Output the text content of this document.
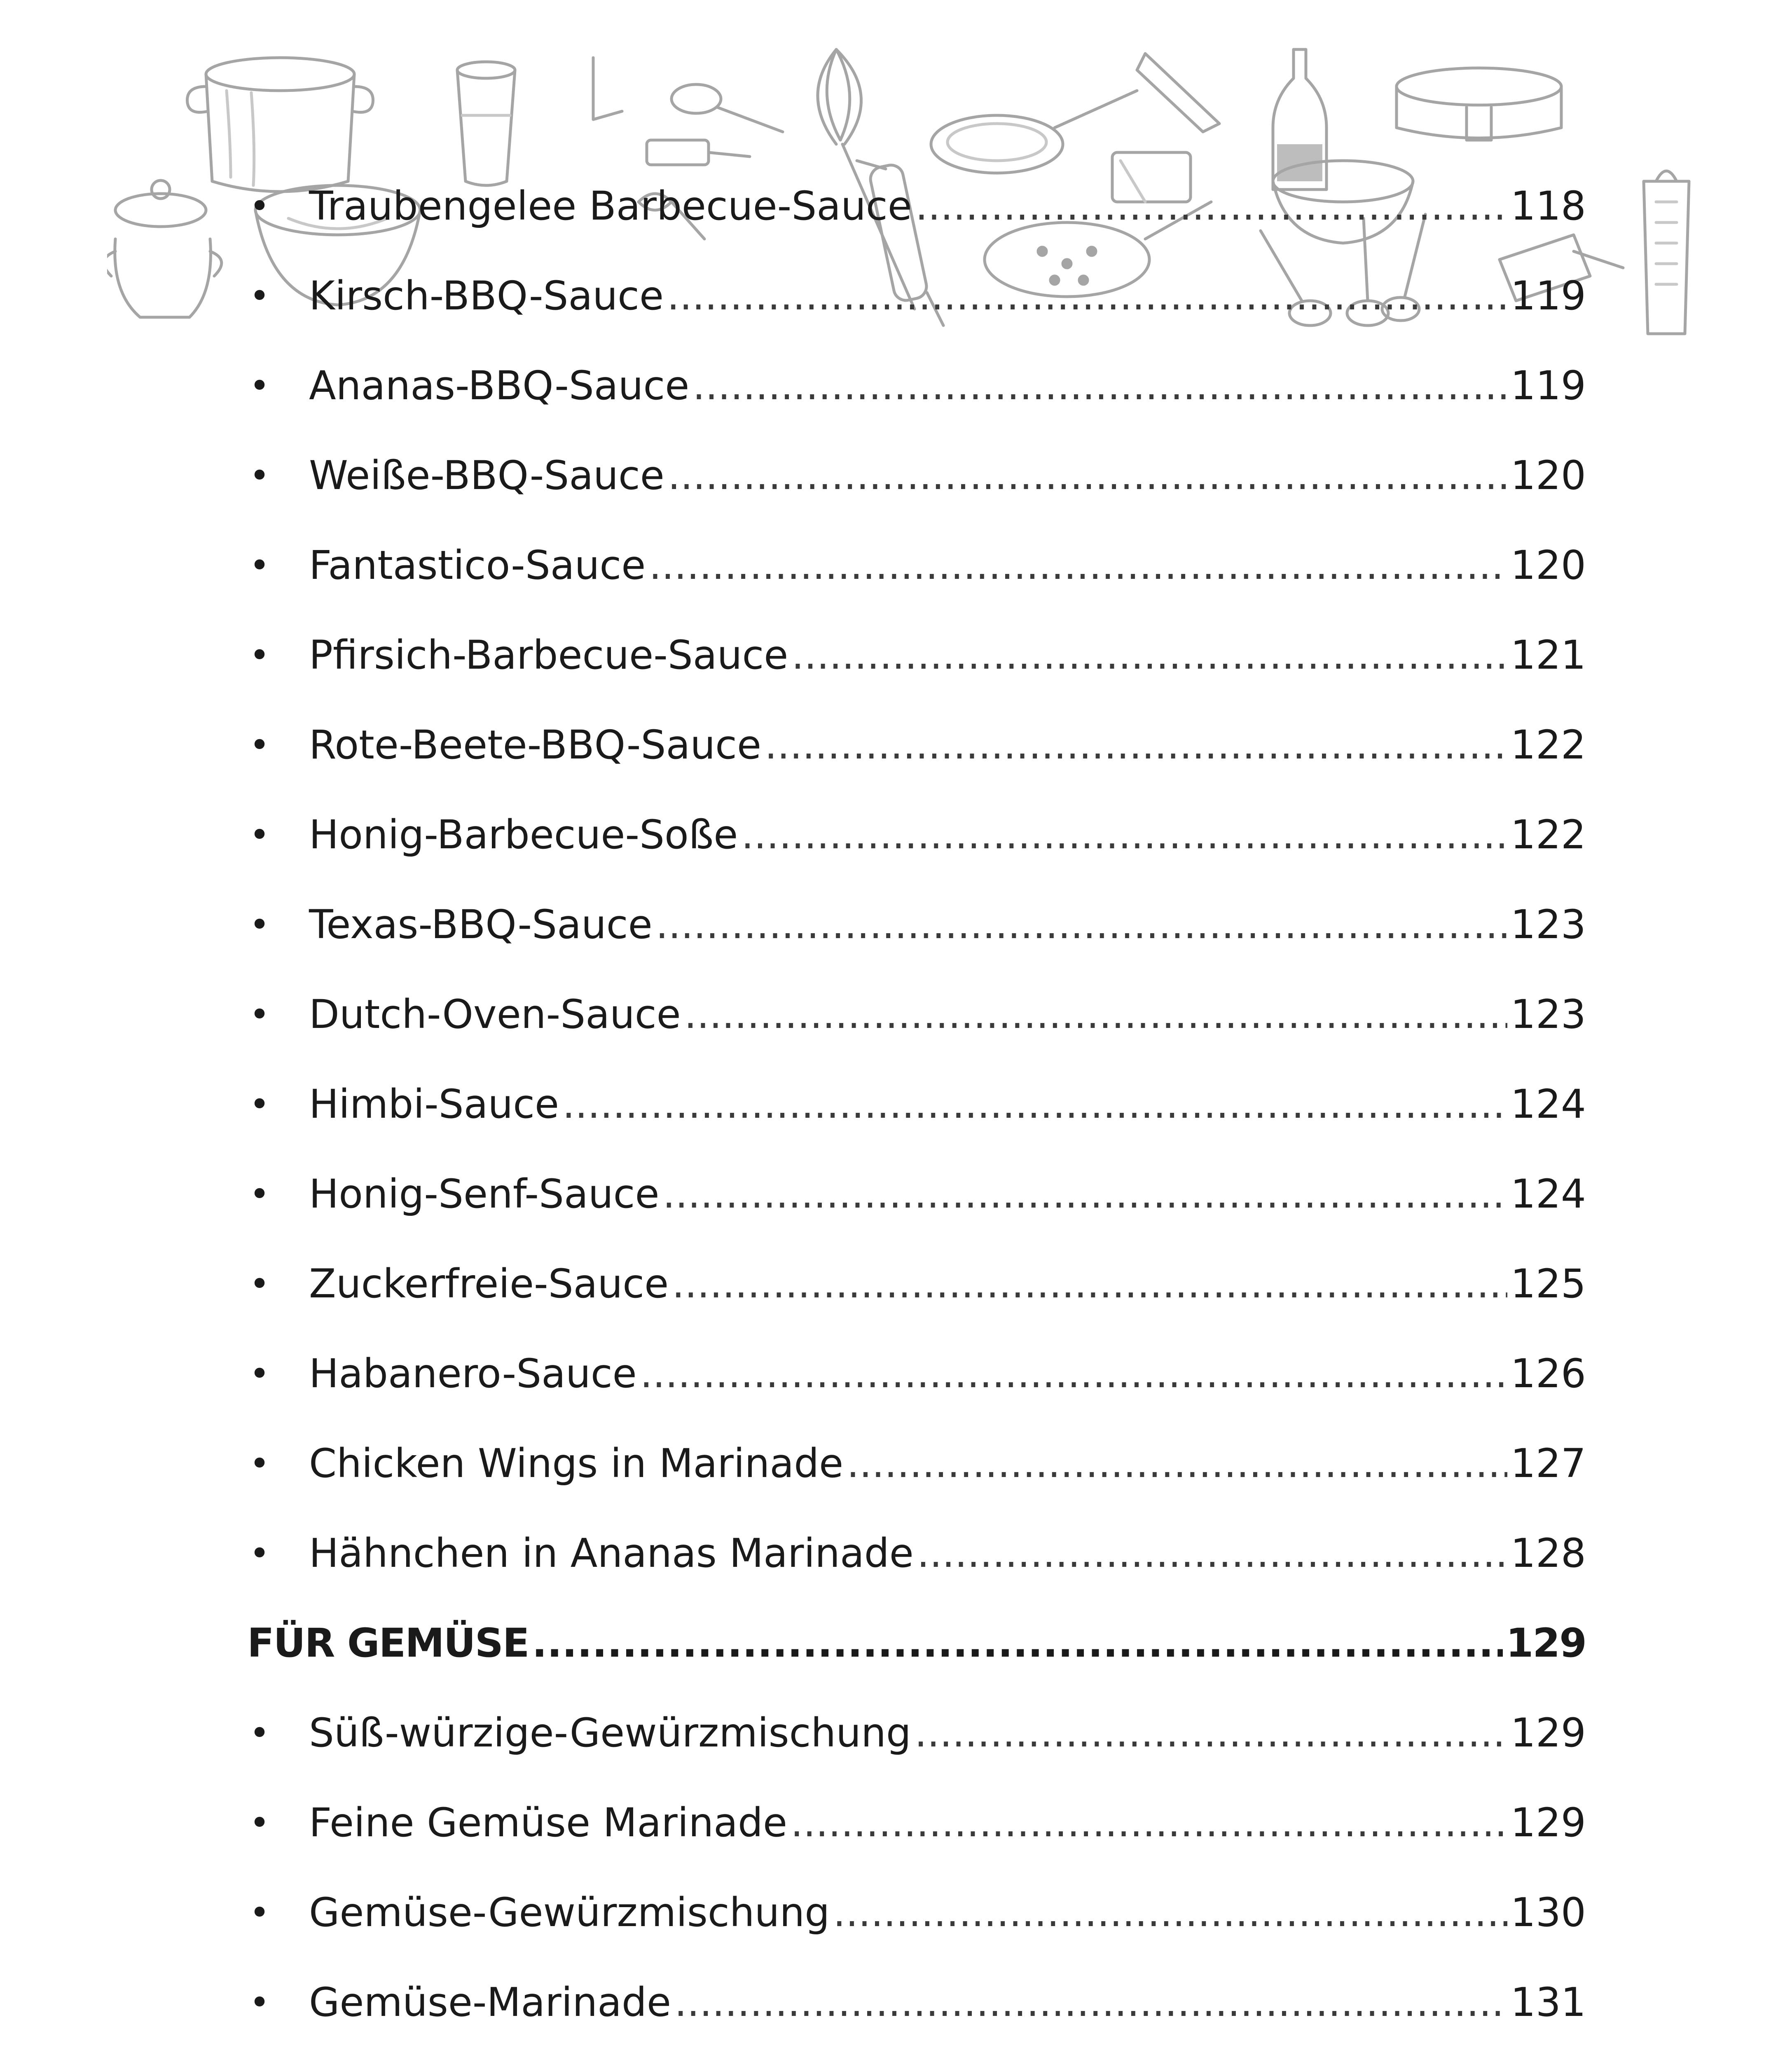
• Traubengelee Barbecue-Sauce .....	118
• Kirsch-BBQ-Sauce .....	119
• Ananas-BBQ-Sauce .....	119
• Weiße-BBQ-Sauce .....	120
• Fantastico-Sauce .....	120
• Pfirsich-Barbecue-Sauce .....	121
• Rote-Beete-BBQ-Sauce .....	122
• Honig-Barbecue-Soße .....	122
• Texas-BBQ-Sauce .....	123
• Dutch-Oven-Sauce .....	123
• Himbi-Sauce .....	124
• Honig-Senf-Sauce .....	124
• Zuckerfreie-Sauce .....	125
• Habanero-Sauce .....	126
• Chicken Wings in Marinade .....	127
• Hähnchen in Ananas Marinade .....	128
FÜR GEMÜSE .....	129
• Süß-würzige-Gewürzmischung .....	129
• Feine Gemüse Marinade .....	129
• Gemüse-Gewürzmischung .....	130
• Gemüse-Marinade .....	131
.....
